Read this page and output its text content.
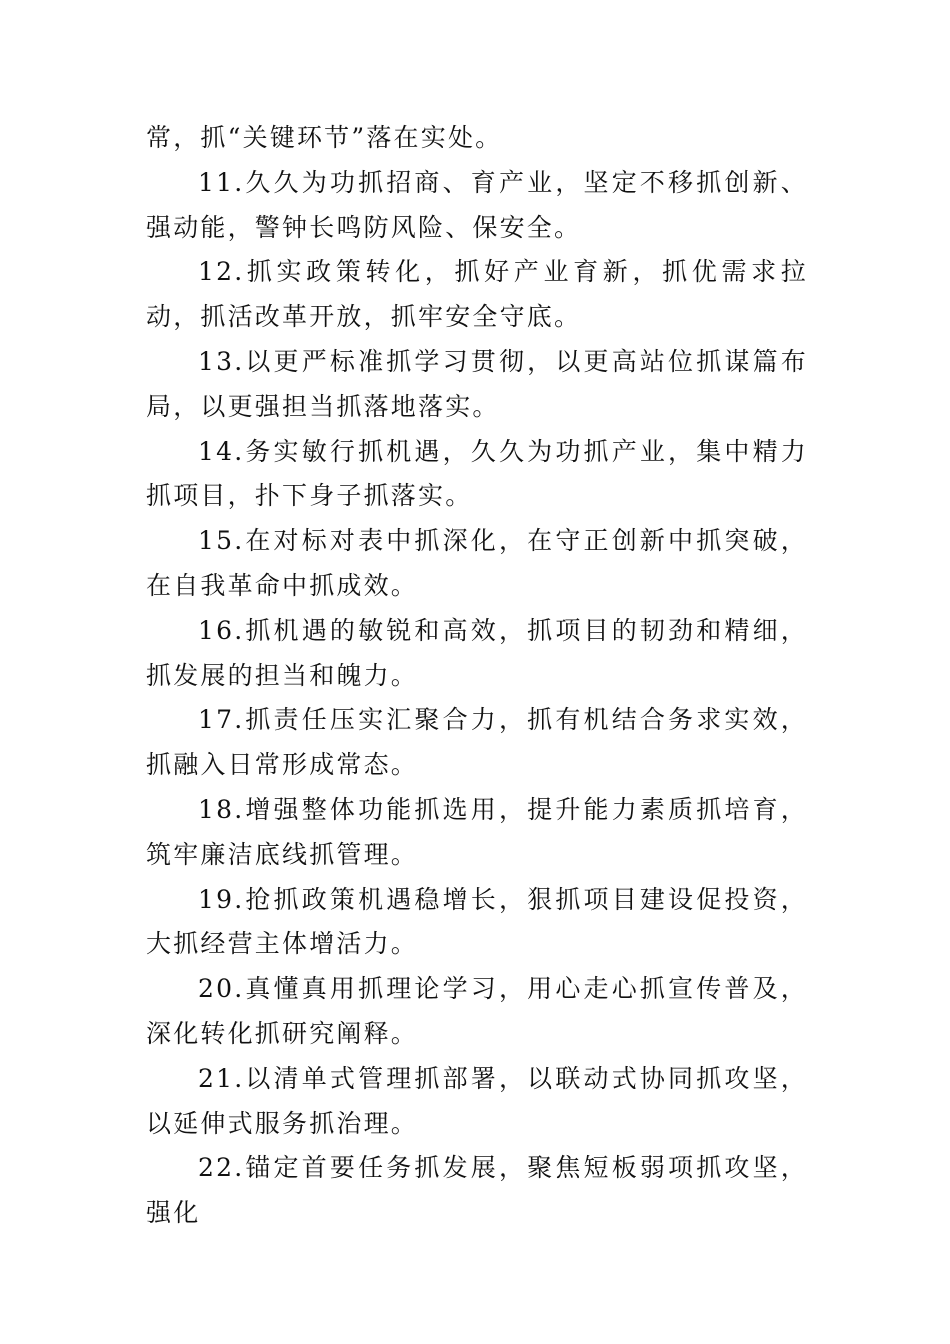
常，抓“关键环节”落在实处。

11.久久为功抓招商、育产业，坚定不移抓创新、强动能，警钟长鸣防风险、保安全。

12.抓实政策转化，抓好产业育新，抓优需求拉动，抓活改革开放，抓牢安全守底。

13.以更严标准抓学习贯彻，以更高站位抓谋篇布局，以更强担当抓落地落实。

14.务实敏行抓机遇，久久为功抓产业，集中精力抓项目，扑下身子抓落实。

15.在对标对表中抓深化，在守正创新中抓突破，在自我革命中抓成效。

16.抓机遇的敏锐和高效，抓项目的韧劲和精细，抓发展的担当和魄力。

17.抓责任压实汇聚合力，抓有机结合务求实效，抓融入日常形成常态。

18.增强整体功能抓选用，提升能力素质抓培育，筑牢廉洁底线抓管理。

19.抢抓政策机遇稳增长，狠抓项目建设促投资，大抓经营主体增活力。

20.真懂真用抓理论学习，用心走心抓宣传普及，深化转化抓研究阐释。

21.以清单式管理抓部署，以联动式协同抓攻坚，以延伸式服务抓治理。

22.锚定首要任务抓发展，聚焦短板弱项抓攻坚，强化
